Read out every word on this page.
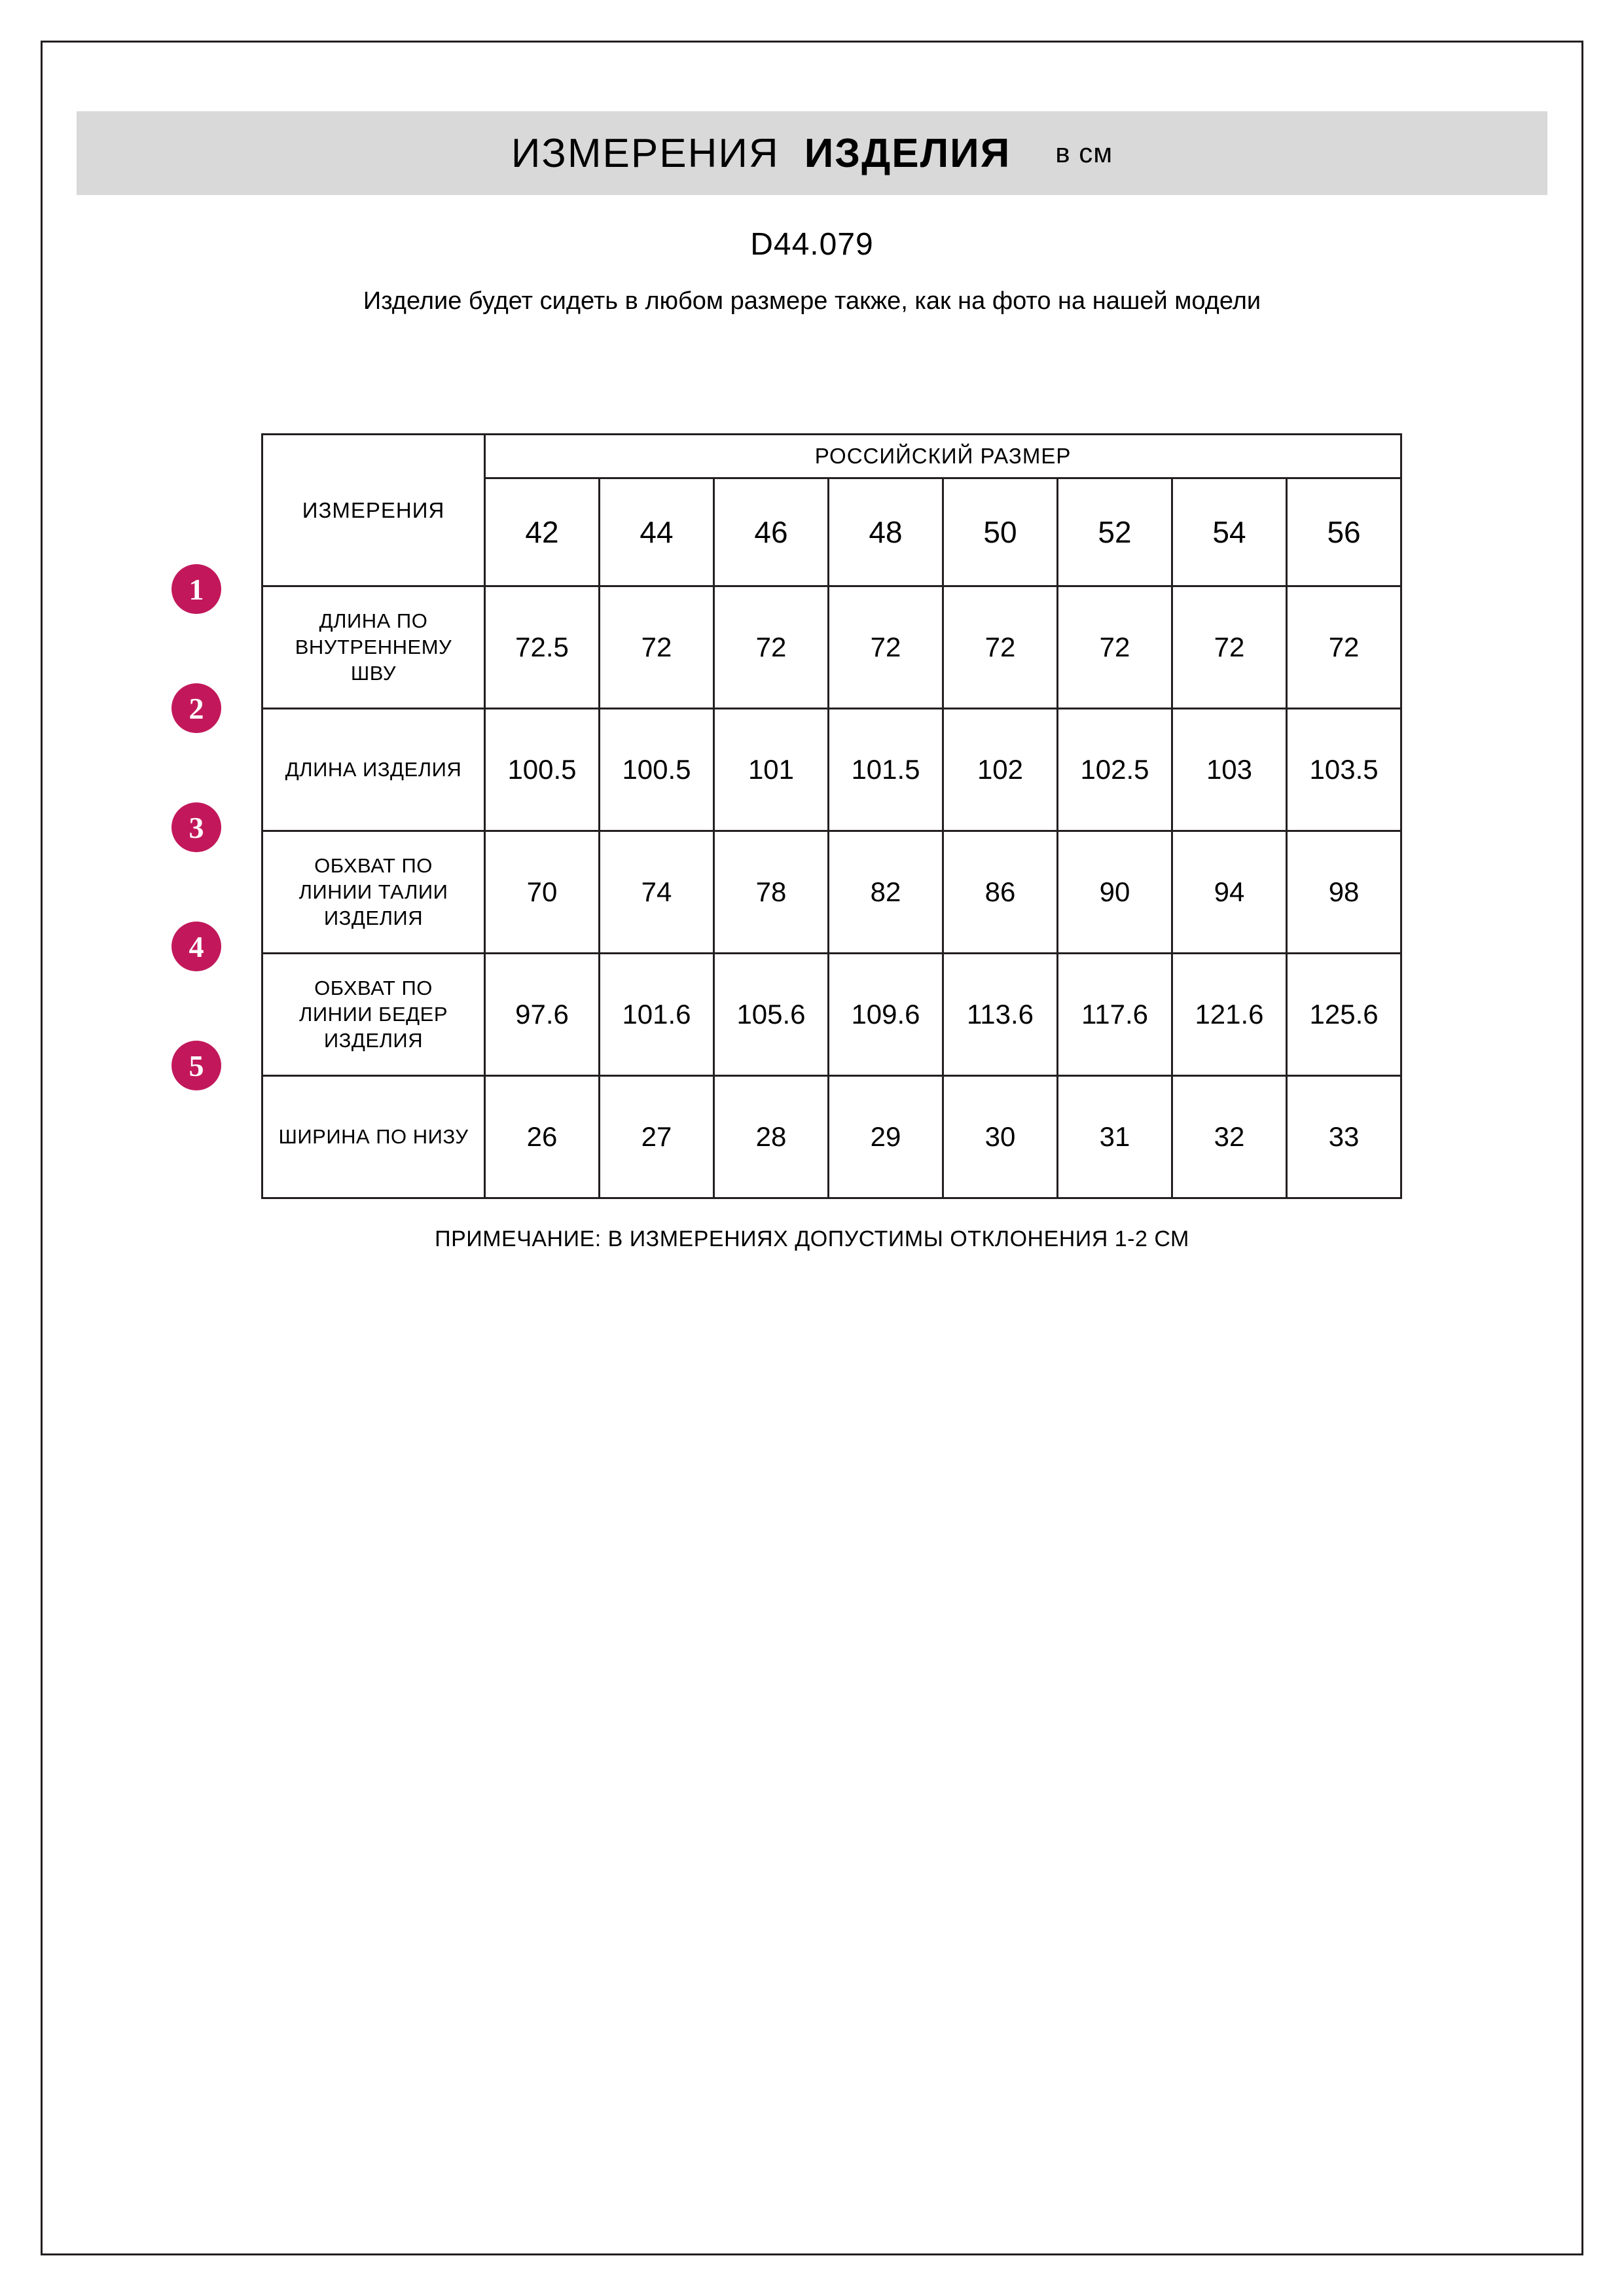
ИЗМЕРЕНИЯ ИЗДЕЛИЯ в см
D44.079
Изделие будет сидеть в любом размере также, как на фото на нашей модели
1
2
3
4
5
ИЗМЕРЕНИЯ	РОССИЙСКИЙ РАЗМЕР							
	42	44	46	48	50	52	54	56
ДЛИНА ПО ВНУТРЕННЕМУ ШВУ	72.5	72	72	72	72	72	72	72
ДЛИНА ИЗДЕЛИЯ	100.5	100.5	101	101.5	102	102.5	103	103.5
ОБХВАТ ПО ЛИНИИ ТАЛИИ ИЗДЕЛИЯ	70	74	78	82	86	90	94	98
ОБХВАТ ПО ЛИНИИ БЕДЕР ИЗДЕЛИЯ	97.6	101.6	105.6	109.6	113.6	117.6	121.6	125.6
ШИРИНА ПО НИЗУ	26	27	28	29	30	31	32	33
ПРИМЕЧАНИЕ: В ИЗМЕРЕНИЯХ ДОПУСТИМЫ ОТКЛОНЕНИЯ 1-2 СМ
